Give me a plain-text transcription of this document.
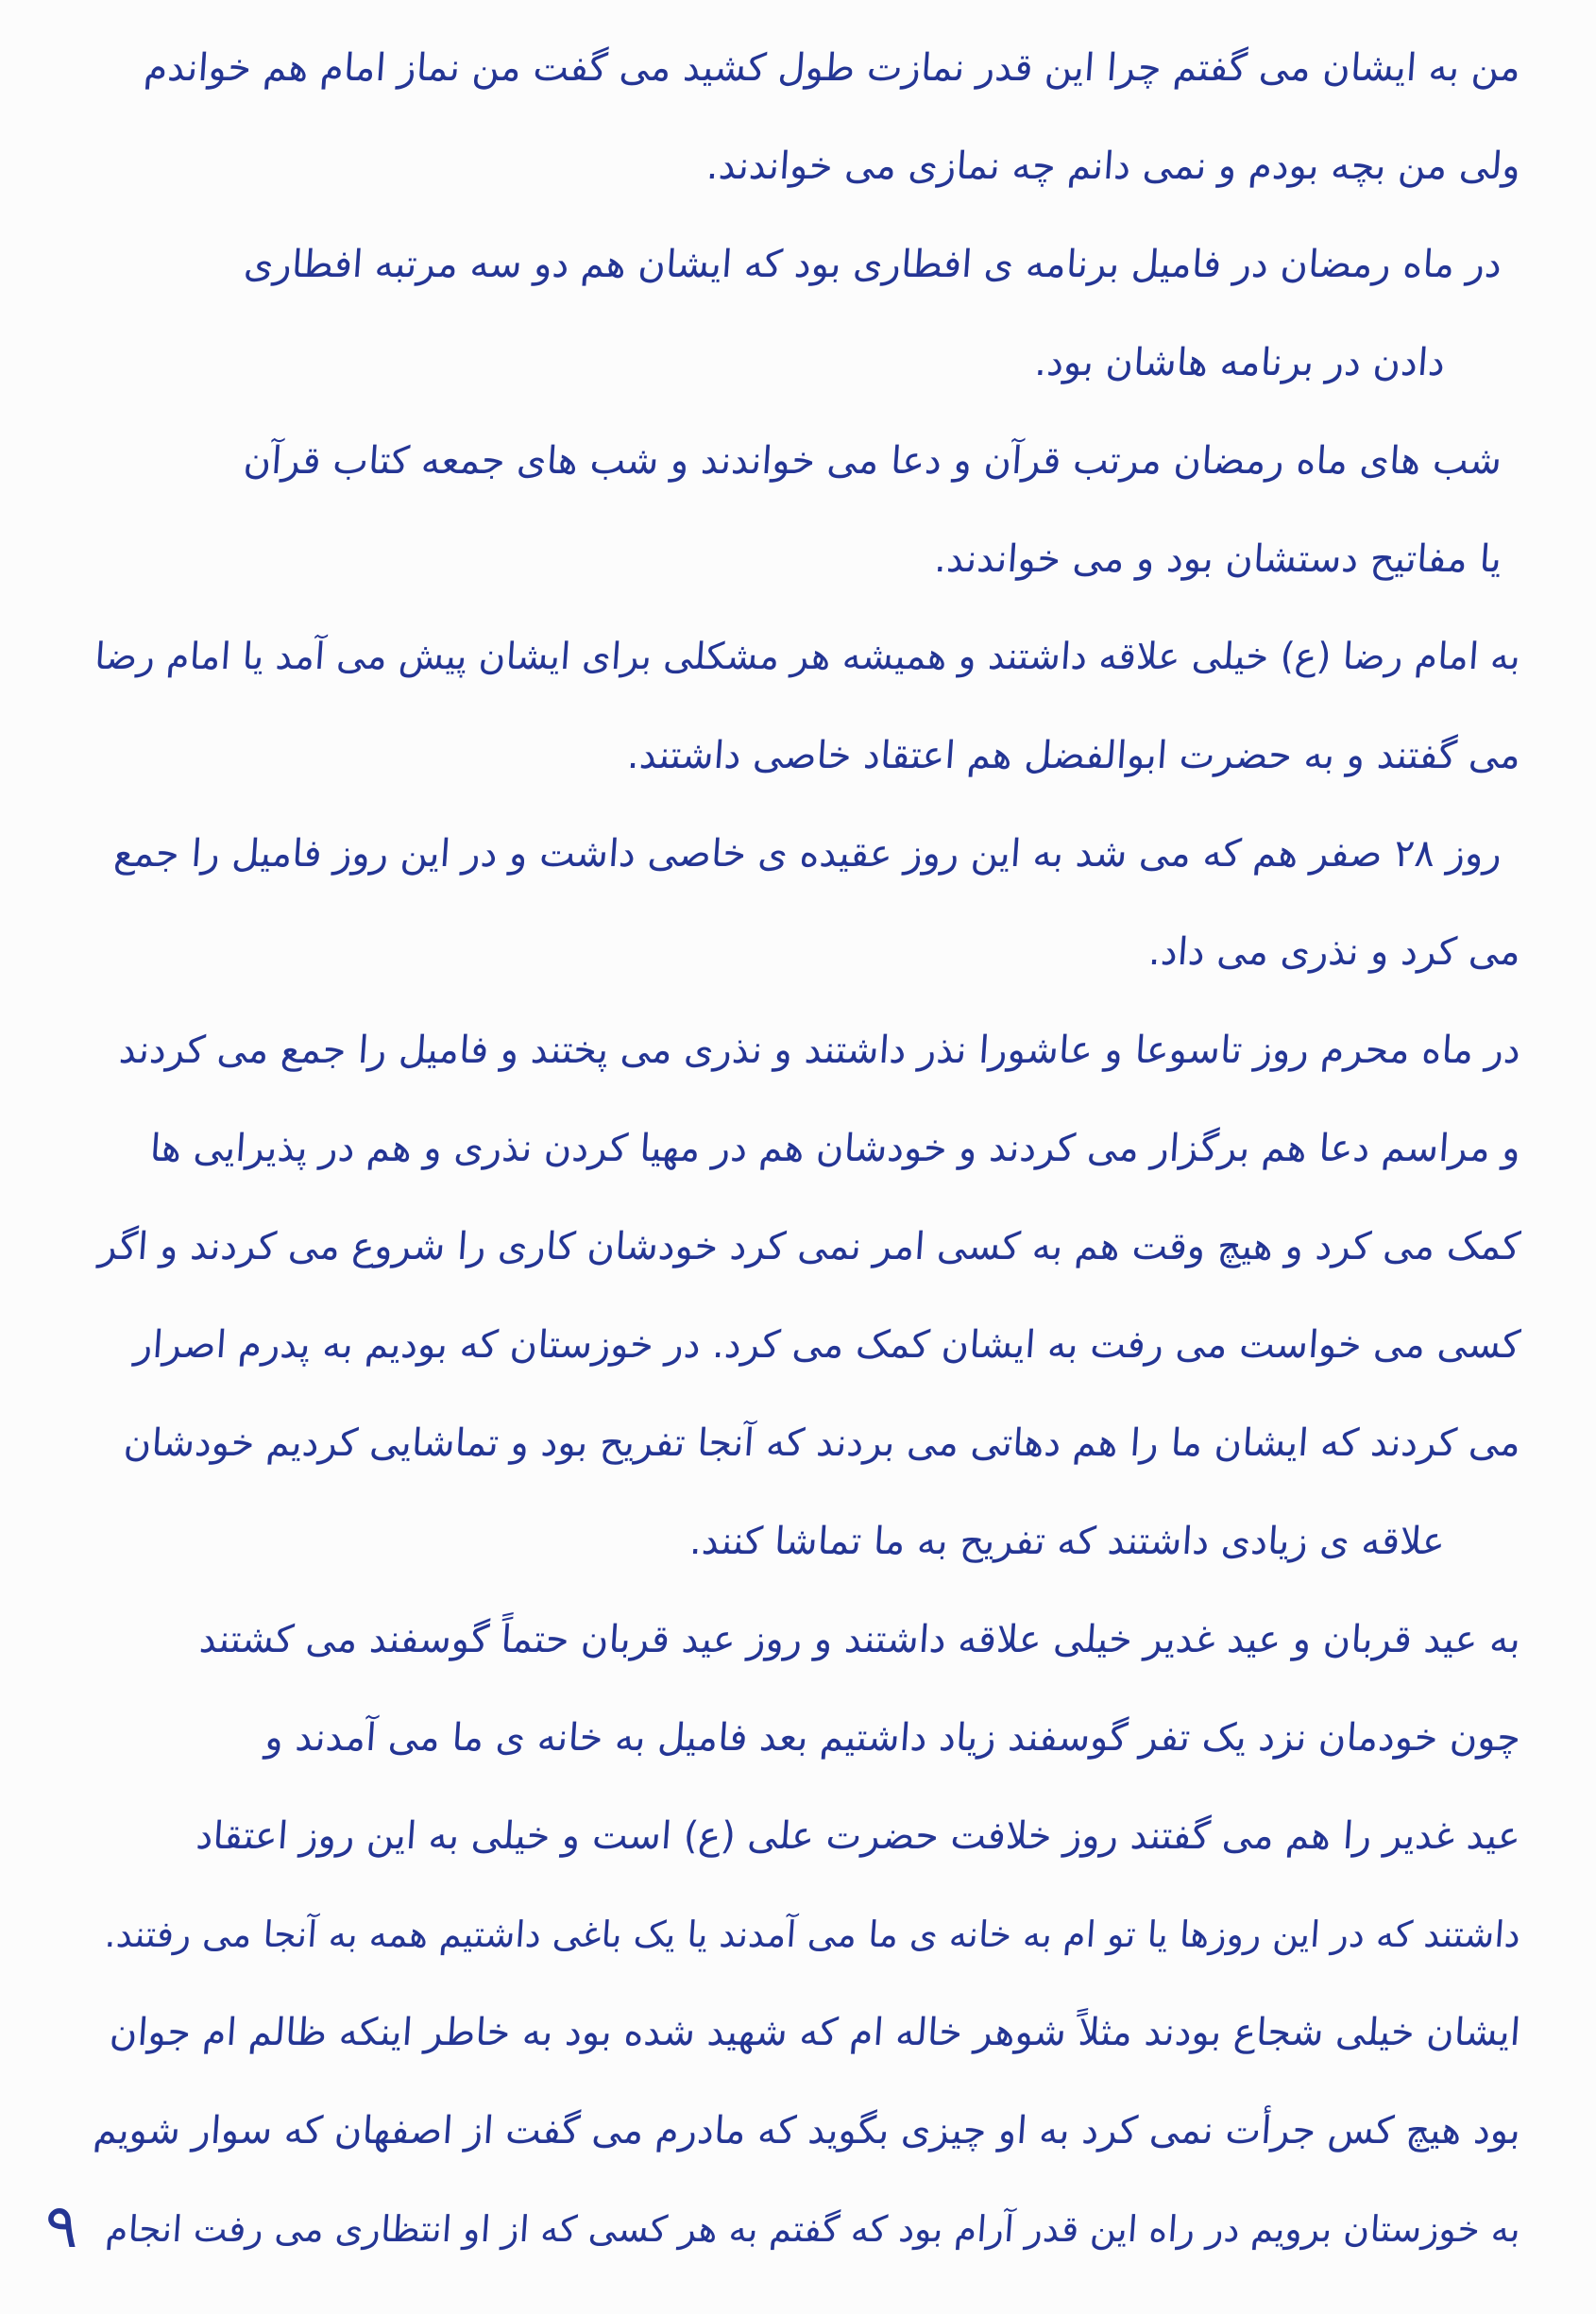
من به ایشان می گفتم چرا این قدر نمازت طول کشید می گفت من نماز امام هم خواندم
ولی من بچه بودم و نمی دانم چه نمازی می خواندند.
در ماه رمضان در فامیل برنامه ی افطاری بود که ایشان هم دو سه مرتبه افطاری
دادن در برنامه هاشان بود.
شب های ماه رمضان مرتب قرآن و دعا می خواندند و شب های جمعه کتاب قرآن
یا مفاتیح دستشان بود و می خواندند.
به امام رضا (ع) خیلی علاقه داشتند و همیشه هر مشکلی برای ایشان پیش می آمد یا امام رضا
می گفتند و به حضرت ابوالفضل هم اعتقاد خاصی داشتند.
روز ۲۸ صفر هم که می شد به این روز عقیده ی خاصی داشت و در این روز فامیل را جمع
می کرد و نذری می داد.
در ماه محرم روز تاسوعا و عاشورا نذر داشتند و نذری می پختند و فامیل را جمع می کردند
و مراسم دعا هم برگزار می کردند و خودشان هم در مهیا کردن نذری و هم در پذیرایی ها
کمک می کرد و هیچ وقت هم به کسی امر نمی کرد خودشان کاری را شروع می کردند و اگر
کسی می خواست می رفت به ایشان کمک می کرد. در خوزستان که بودیم به پدرم اصرار
می کردند که ایشان ما را هم دهاتی می بردند که آنجا تفریح بود و تماشایی کردیم خودشان
علاقه ی زیادی داشتند که تفریح به ما تماشا کنند.
به عید قربان و عید غدیر خیلی علاقه داشتند و روز عید قربان حتماً گوسفند می کشتند
چون خودمان نزد یک تفر گوسفند زیاد داشتیم بعد فامیل به خانه ی ما می آمدند و
عید غدیر را هم می گفتند روز خلافت حضرت علی (ع) است و خیلی به این روز اعتقاد
داشتند که در این روزها یا تو ام به خانه ی ما می آمدند یا یک باغی داشتیم همه به آنجا می رفتند.
ایشان خیلی شجاع بودند مثلاً شوهر خاله ام که شهید شده بود به خاطر اینکه ظالم ام جوان
بود هیچ کس جرأت نمی کرد به او چیزی بگوید که مادرم می گفت از اصفهان که سوار شویم
به خوزستان برویم در راه این قدر آرام بود که گفتم به هر کسی که از او انتظاری می رفت انجام
۹
